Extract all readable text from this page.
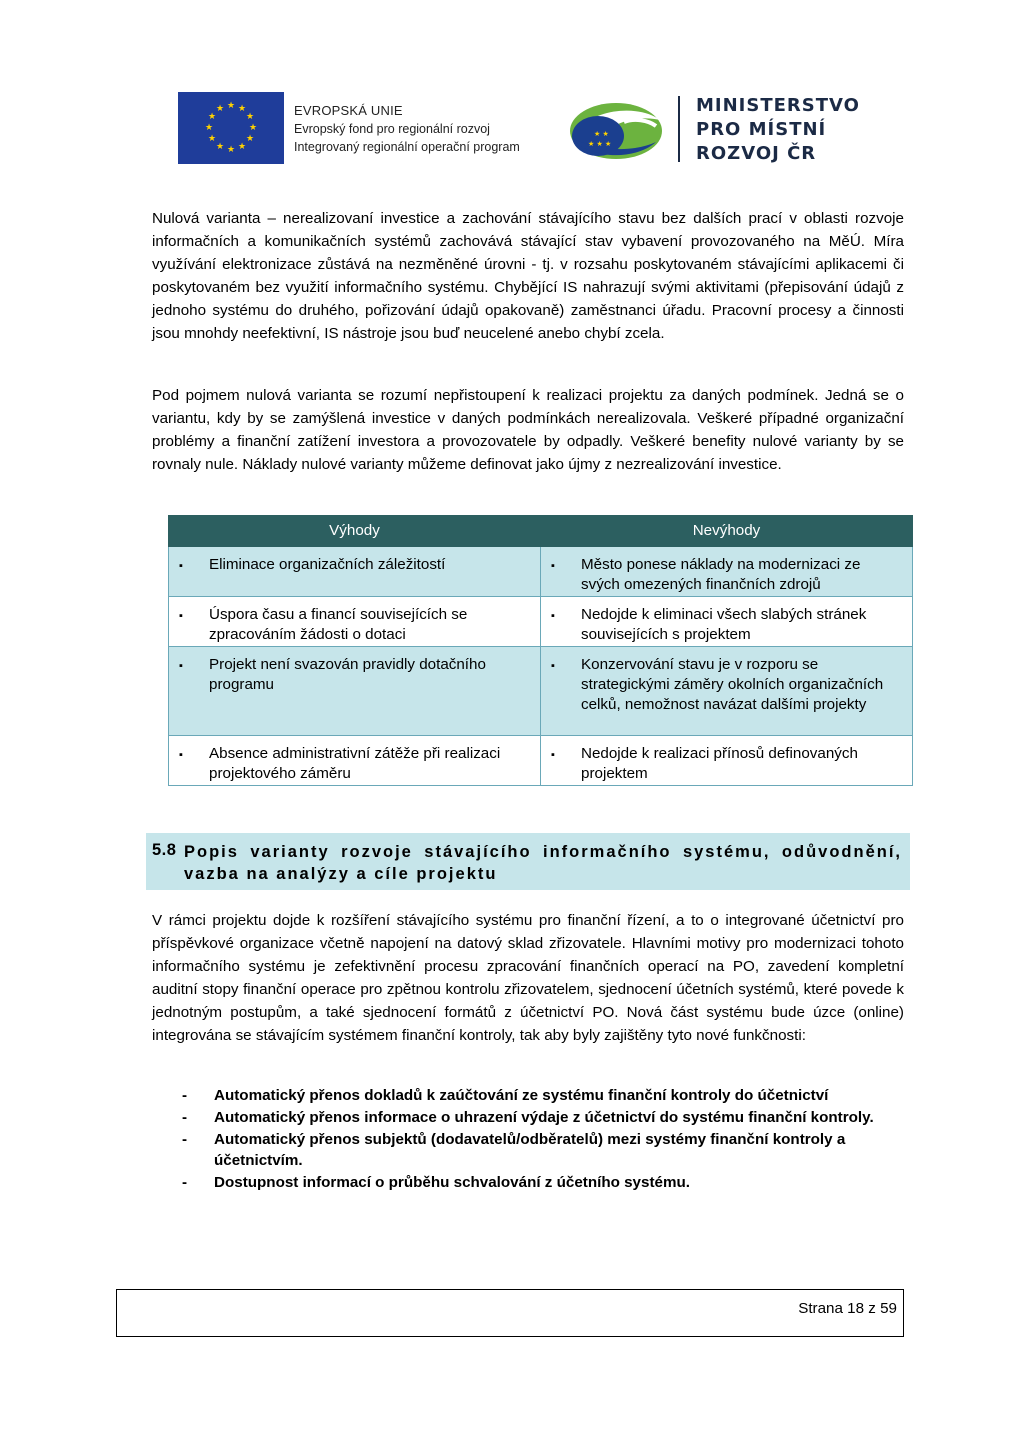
★ ★
★
★
★
★
★
★
★
★
★
★	EVROPSKÁ UNIE
Evropský fond pro regionální rozvoj
Integrovaný regionální operační program
★ ★
★ ★ ★
MINISTERSTVO
PRO MÍSTNÍ
ROZVOJ ČR

Nulová varianta – nerealizovaní investice a zachování stávajícího stavu bez dalších prací v oblasti rozvoje informačních a komunikačních systémů zachovává stávající stav vybavení provozovaného na MěÚ. Míra využívání elektronizace zůstává na nezměněné úrovni - tj. v rozsahu poskytovaném stávajícími aplikacemi či poskytovaném bez využití informačního systému. Chybějící IS nahrazují svými aktivitami (přepisování údajů z jednoho systému do druhého, pořizování údajů opakovaně) zaměstnanci úřadu. Pracovní procesy a činnosti jsou mnohdy neefektivní, IS nástroje jsou buď neucelené anebo chybí zcela.

Pod pojmem nulová varianta se rozumí nepřistoupení k realizaci projektu za daných podmínek. Jedná se o variantu, kdy by se zamýšlená investice v daných podmínkách nerealizovala. Veškeré případné organizační problémy a finanční zatížení investora a provozovatele by odpadly. Veškeré benefity nulové varianty by se rovnaly nule. Náklady nulové varianty můžeme definovat jako újmy z nezrealizování investice.

Výhody	Nevýhody

▪ Eliminace organizačních záležitostí	▪ Město ponese náklady na modernizaci ze svých omezených finančních zdrojů

▪ Úspora času a financí souvisejících se zpracováním žádosti o dotaci	▪ Nedojde k eliminaci všech slabých stránek souvisejících s projektem

▪ Projekt není svazován pravidly dotačního programu	▪ Konzervování stavu je v rozporu se strategickými záměry okolních organizačních celků, nemožnost navázat dalšími projekty

▪ Absence administrativní zátěže při realizaci projektového záměru	▪ Nedojde k realizaci přínosů definovaných projektem
5.8 Popis varianty rozvoje stávajícího informačního systému, odůvodnění, vazba na analýzy a cíle projektu

V rámci projektu dojde k rozšíření stávajícího systému pro finanční řízení, a to o integrované účetnictví pro příspěvkové organizace včetně napojení na datový sklad zřizovatele. Hlavními motivy pro modernizaci tohoto informačního systému je zefektivnění procesu zpracování finančních operací na PO, zavedení kompletní auditní stopy finanční operace pro zpětnou kontrolu zřizovatelem, sjednocení účetních systémů, které povede k jednotným postupům, a také sjednocení formátů z účetnictví PO. Nová část systému bude úzce (online) integrována se stávajícím systémem finanční kontroly, tak aby byly zajištěny tyto nové funkčnosti:

-	Automatický přenos dokladů k zaúčtování ze systému finanční kontroly do účetnictví
-	Automatický přenos informace o uhrazení výdaje z účetnictví do systému finanční kontroly.
-	Automatický přenos subjektů (dodavatelů/odběratelů) mezi systémy finanční kontroly a účetnictvím.
-	Dostupnost informací o průběhu schvalování z účetního systému.
Strana 18 z 59
